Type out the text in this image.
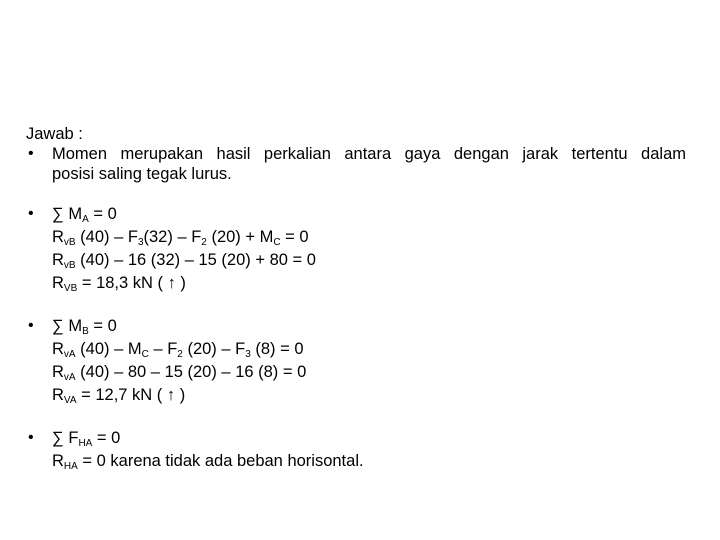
Jawab :
• Momen merupakan hasil perkalian antara gaya dengan jarak tertentu dalam
posisi saling tegak lurus.
• ∑ $M_A = 0$
$R_{vB}$ $(40) - F_3(32) - F_2$ $(20) + M_C = 0$
$R_{vB}$ (40) – 16 (32) – 15 (20) + 80 = 0
$R_{VB} = 18,3$ kN ( ↑ )
• ∑ $M_B = 0$
$R_{vA}$ $(40) - M_C - F_2$ $(20) - F_3$ (8) = 0
$R_{vA}$ (40) – 80 – 15 (20) – 16 (8) = 0
$R_{VA} = 12,7$ kN ( ↑ )
• ∑ $F_{HA} = 0$
$R_{HA} = 0$ karena tidak ada beban horisontal.
